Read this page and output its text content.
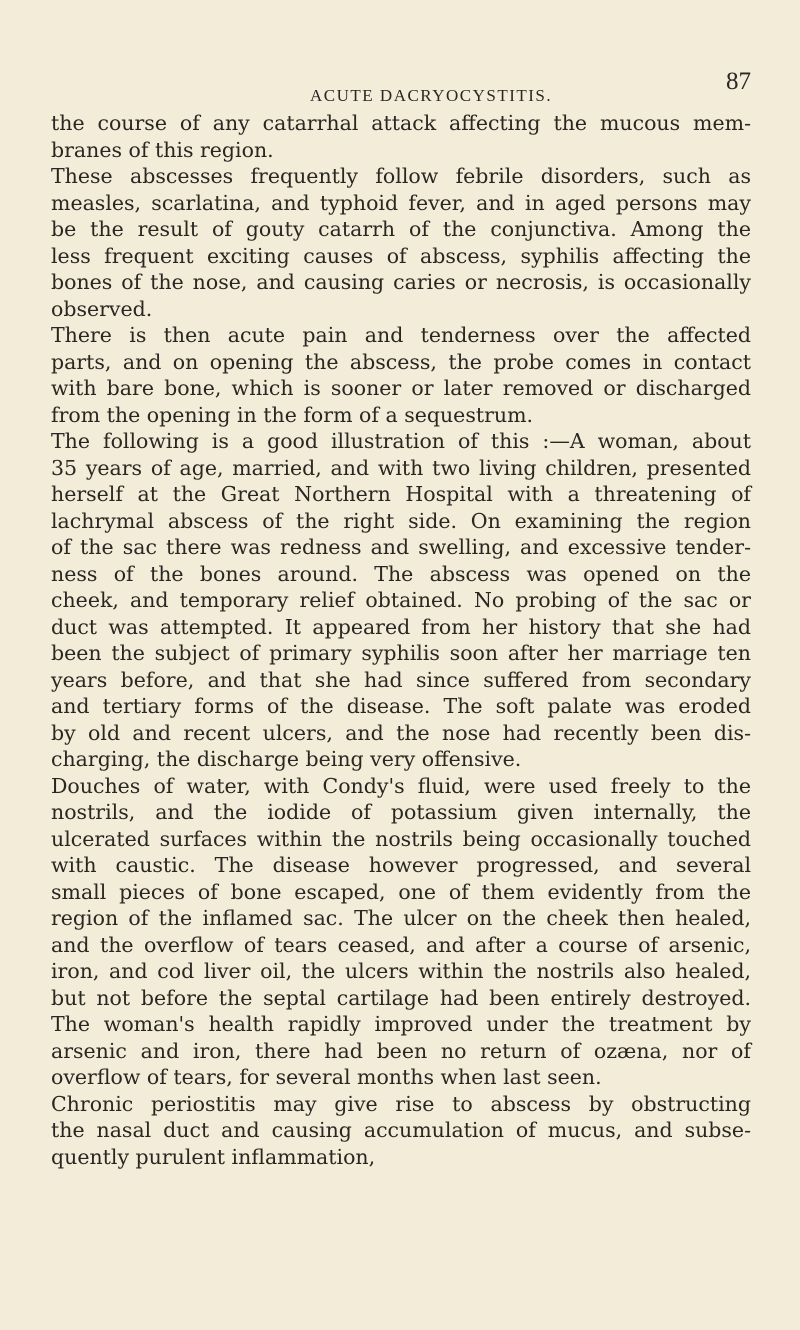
ACUTE DACRYOCYSTITIS.
87
the course of any catarrhal attack affecting the mucous mem-
branes of this region.
These abscesses frequently follow febrile disorders, such as
measles, scarlatina, and typhoid fever, and in aged persons may
be the result of gouty catarrh of the conjunctiva. Among the
less frequent exciting causes of abscess, syphilis affecting the
bones of the nose, and causing caries or necrosis, is occasionally
observed.
There is then acute pain and tenderness over the affected
parts, and on opening the abscess, the probe comes in contact
with bare bone, which is sooner or later removed or discharged
from the opening in the form of a sequestrum.
The following is a good illustration of this :—A woman, about
35 years of age, married, and with two living children, presented
herself at the Great Northern Hospital with a threatening of
lachrymal abscess of the right side. On examining the region
of the sac there was redness and swelling, and excessive tender-
ness of the bones around. The abscess was opened on the
cheek, and temporary relief obtained. No probing of the sac or
duct was attempted. It appeared from her history that she had
been the subject of primary syphilis soon after her marriage ten
years before, and that she had since suffered from secondary
and tertiary forms of the disease. The soft palate was eroded
by old and recent ulcers, and the nose had recently been dis-
charging, the discharge being very offensive.
Douches of water, with Condy's fluid, were used freely to the
nostrils, and the iodide of potassium given internally, the
ulcerated surfaces within the nostrils being occasionally touched
with caustic. The disease however progressed, and several
small pieces of bone escaped, one of them evidently from the
region of the inflamed sac. The ulcer on the cheek then healed,
and the overflow of tears ceased, and after a course of arsenic,
iron, and cod liver oil, the ulcers within the nostrils also healed,
but not before the septal cartilage had been entirely destroyed.
The woman's health rapidly improved under the treatment by
arsenic and iron, there had been no return of ozæna, nor of
overflow of tears, for several months when last seen.
Chronic periostitis may give rise to abscess by obstructing
the nasal duct and causing accumulation of mucus, and subse-
quently purulent inflammation,
